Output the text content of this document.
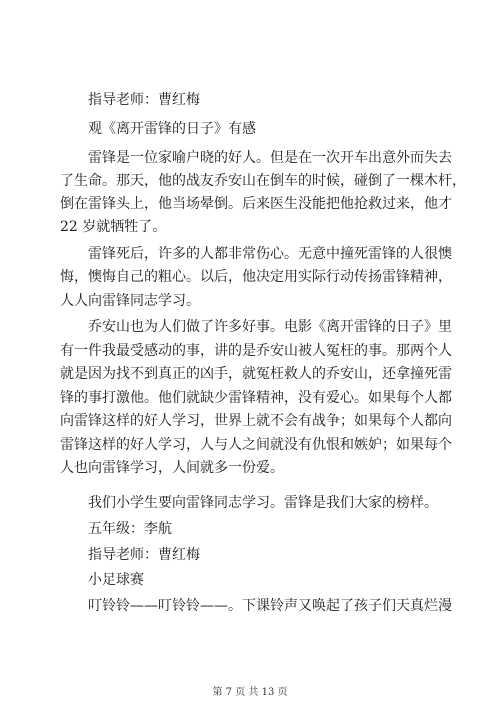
指导老师：曹红梅
观《离开雷锋的日子》有感
雷锋是一位家喻户晓的好人。但是在一次开车出意外而失去
了生命。那天，他的战友乔安山在倒车的时候，碰倒了一棵木杆，
倒在雷锋头上，他当场晕倒。后来医生没能把他抢救过来，他才
22 岁就牺牲了。
雷锋死后，许多的人都非常伤心。无意中撞死雷锋的人很懊
悔，懊悔自己的粗心。以后，他决定用实际行动传扬雷锋精神，
人人向雷锋同志学习。
乔安山也为人们做了许多好事。电影《离开雷锋的日子》里
有一件我最受感动的事，讲的是乔安山被人冤枉的事。那两个人
就是因为找不到真正的凶手，就冤枉救人的乔安山，还拿撞死雷
锋的事打激他。他们就缺少雷锋精神，没有爱心。如果每个人都
向雷锋这样的好人学习，世界上就不会有战争；如果每个人都向
雷锋这样的好人学习，人与人之间就没有仇恨和嫉妒；如果每个
人也向雷锋学习，人间就多一份爱。
我们小学生要向雷锋同志学习。雷锋是我们大家的榜样。
五年级：李航
指导老师：曹红梅
小足球赛
叮铃铃——叮铃铃——。下课铃声又唤起了孩子们天真烂漫
第 7 页 共 13 页
